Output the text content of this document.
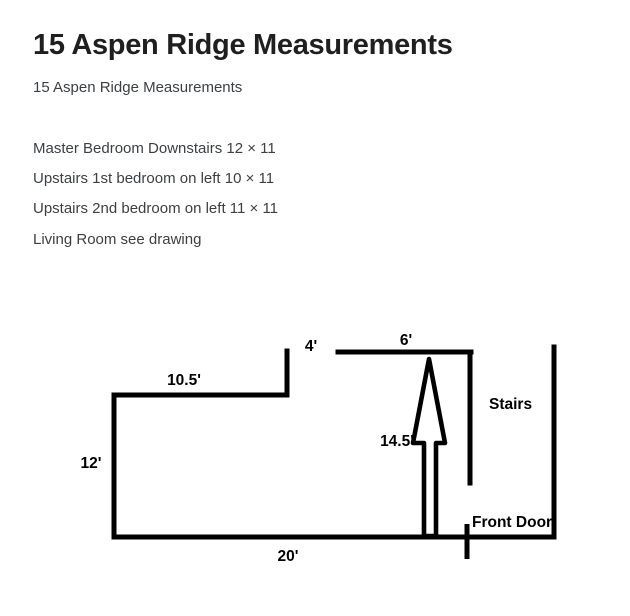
15 Aspen Ridge Measurements

15 Aspen Ridge Measurements

Master Bedroom Downstairs 12 × 11

Upstairs 1st bedroom on left 10 × 11

Upstairs 2nd bedroom on left 11 × 11

Living Room see drawing

4'	6'
10.5'
12'
14.5'
20'
Stairs
Front Door
